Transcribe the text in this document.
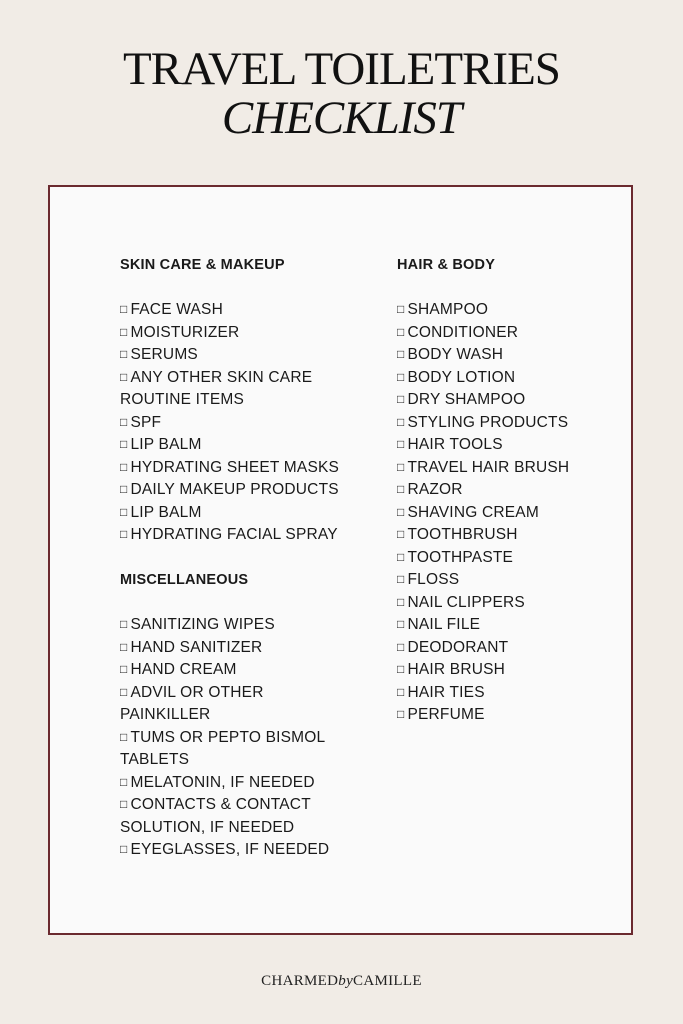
TRAVEL TOILETRIES
CHECKLIST
SKIN CARE & MAKEUP
□ FACE WASH
□ MOISTURIZER
□ SERUMS
□ ANY OTHER SKIN CARE ROUTINE ITEMS
□ SPF
□ LIP BALM
□ HYDRATING SHEET MASKS
□ DAILY MAKEUP PRODUCTS
□ LIP BALM
□ HYDRATING FACIAL SPRAY
MISCELLANEOUS
□ SANITIZING WIPES
□ HAND SANITIZER
□ HAND CREAM
□ ADVIL OR OTHER PAINKILLER
□ TUMS OR PEPTO BISMOL TABLETS
□ MELATONIN, IF NEEDED
□ CONTACTS & CONTACT SOLUTION, IF NEEDED
□ EYEGLASSES, IF NEEDED
HAIR & BODY
□ SHAMPOO
□ CONDITIONER
□ BODY WASH
□ BODY LOTION
□ DRY SHAMPOO
□ STYLING PRODUCTS
□ HAIR TOOLS
□ TRAVEL HAIR BRUSH
□ RAZOR
□ SHAVING CREAM
□ TOOTHBRUSH
□ TOOTHPASTE
□ FLOSS
□ NAIL CLIPPERS
□ NAIL FILE
□ DEODORANT
□ HAIR BRUSH
□ HAIR TIES
□ PERFUME
CHARMEDbyCAMILLE
